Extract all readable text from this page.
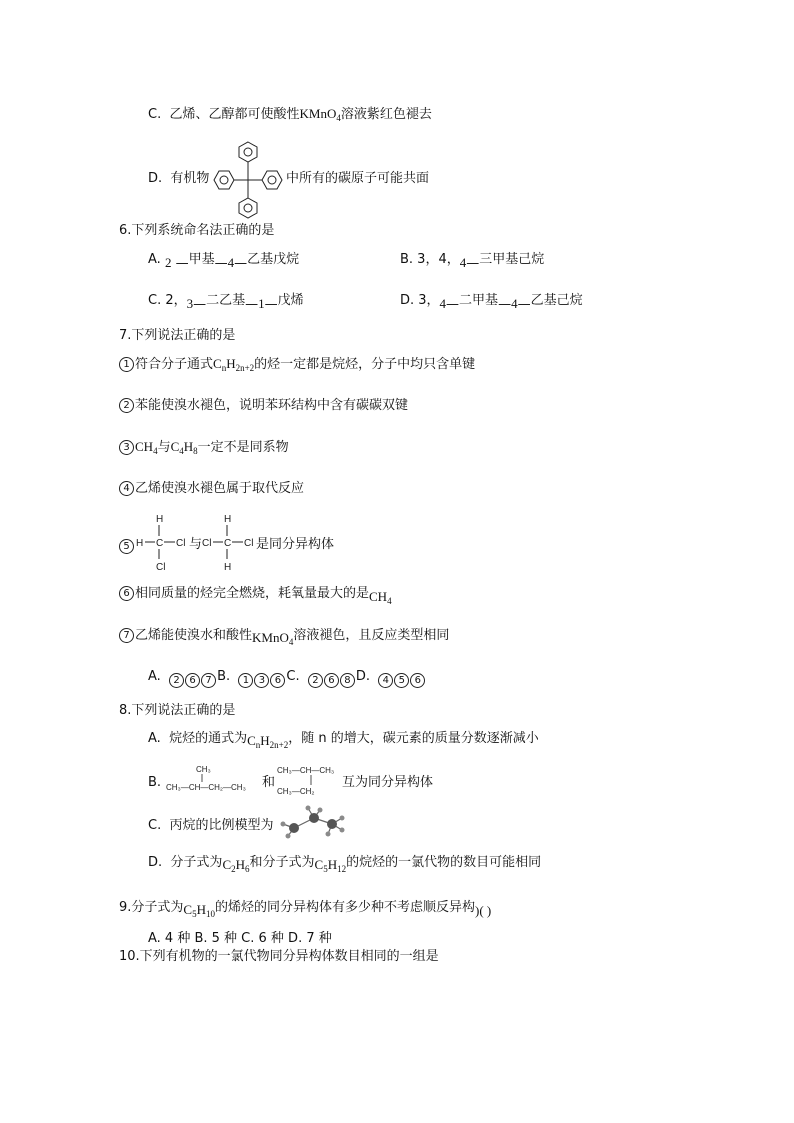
C. 乙烯、乙醇都可使酸性KMnO$_4$溶液紫红色褪去
D. 有机物	中所有的碳原子可能共面
6.下列系统命名法正确的是
A. 2 —甲基—4—乙基戊烷	B. 3，4，4—三甲基己烷
C. 2，3—二乙基—1—戊烯	D. 3，4—二甲基—4—乙基己烷
7.下列说法正确的是
1 符合分子通式$C_nH_{2n+2}$的烃一定都是烷烃，分子中均只含单键
2 苯能使溴水褪色，说明苯环结构中含有碳碳双键
3 $CH_4$与$C_4H_8$一定不是同系物
4 乙烯使溴水褪色属于取代反应
5
H
H C Cl
Cl
与
H
Cl C Cl
H
是同分异构体
6 相同质量的烃完全燃烧，耗氧量最大的是$CH_4$
7 乙烯能使溴水和酸性KMnO$_4$溶液褪色，且反应类型相同
A. 2 6 7 B. 1 3 6 C. 2 6 8 D. 4 5 6
8.下列说法正确的是
A. 烷烃的通式为$C_nH_{2n+2}$，随 n 的增大，碳元素的质量分数逐渐减小
B.
CH₃
CH₃—CH—CH₂—CH₃ 和
CH₃—CH—CH₃
CH₃—CH₂
互为同分异构体
C. 丙烷的比例模型为
D. 分子式为$C_2H_6$和分子式为$C_5H_{12}$的烷烃的一氯代物的数目可能相同
9.分子式为$C_5H_{10}$的烯烃的同分异构体有多少种不考虑顺反异构)( )
A. 4 种 B. 5 种 C. 6 种 D. 7 种
10.下列有机物的一氯代物同分异构体数目相同的一组是
